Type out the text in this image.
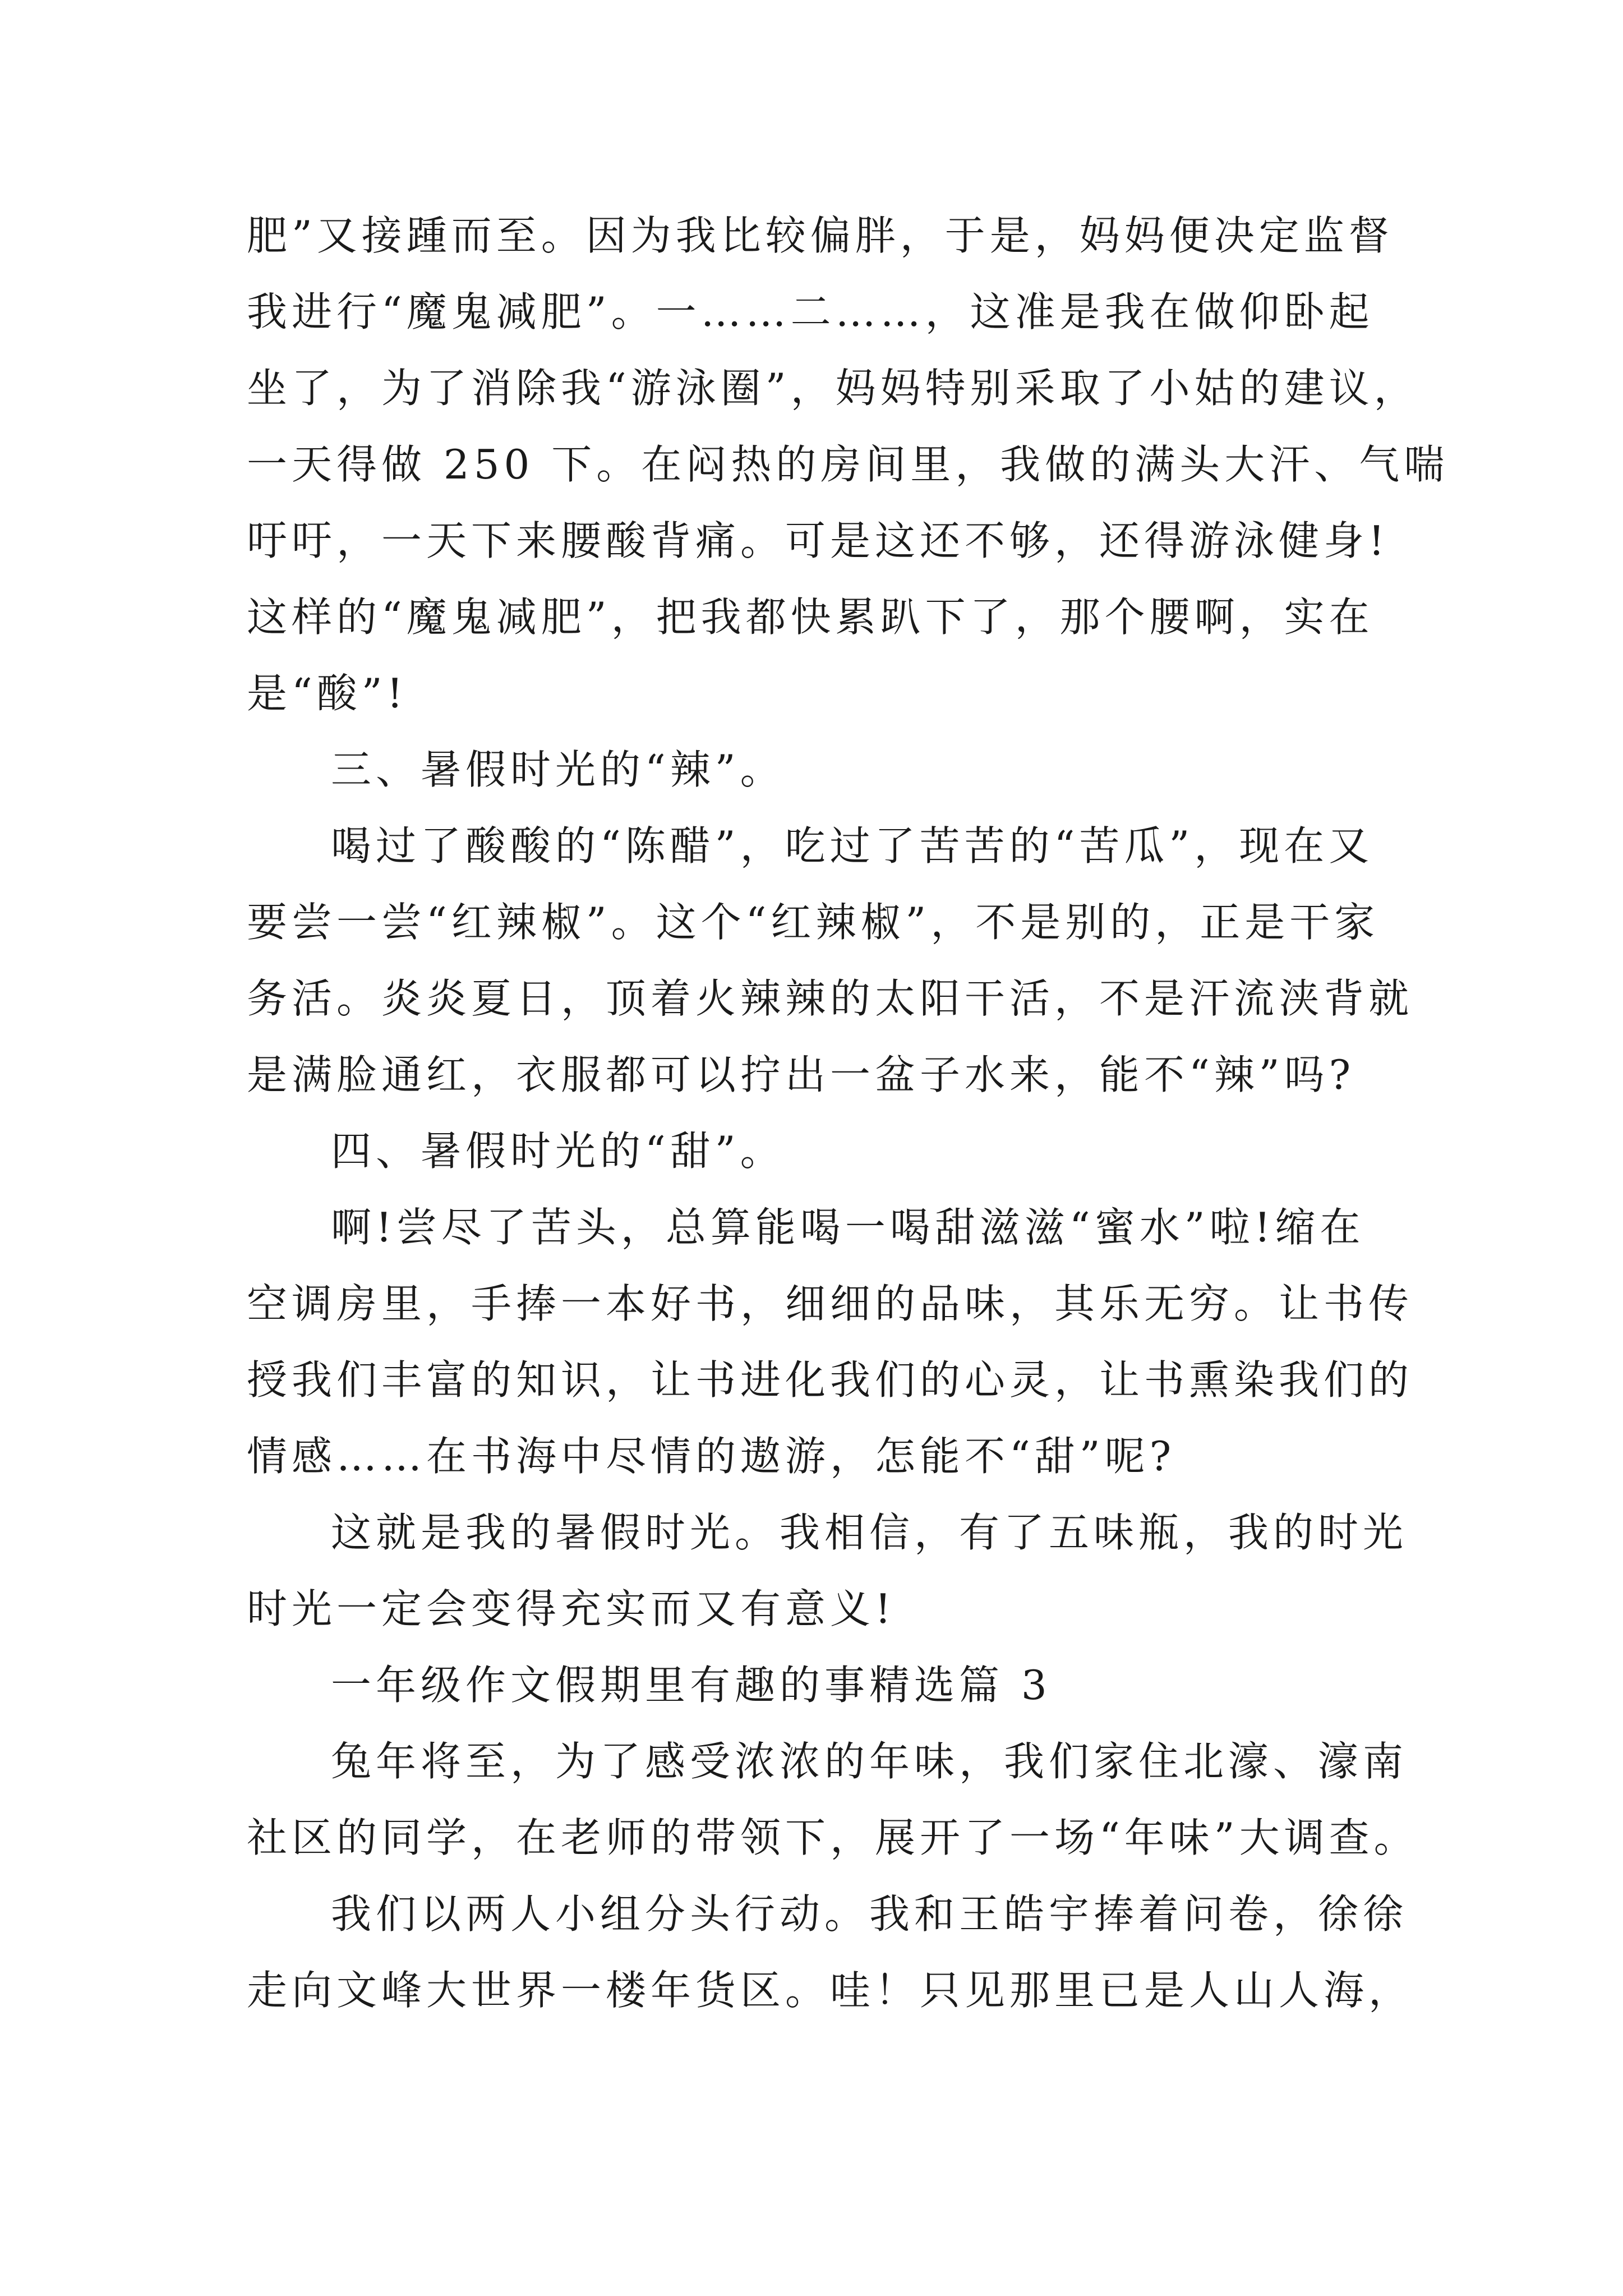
肥”又接踵而至。因为我比较偏胖，于是，妈妈便决定监督

我进行“魔鬼减肥”。一……二……，这准是我在做仰卧起

坐了，为了消除我“游泳圈”，妈妈特别采取了小姑的建议，

一天得做 250 下。在闷热的房间里，我做的满头大汗、气喘

吁吁，一天下来腰酸背痛。可是这还不够，还得游泳健身!

这样的“魔鬼减肥”，把我都快累趴下了，那个腰啊，实在

是“酸”!

三、暑假时光的“辣”。

喝过了酸酸的“陈醋”，吃过了苦苦的“苦瓜”，现在又

要尝一尝“红辣椒”。这个“红辣椒”，不是别的，正是干家

务活。炎炎夏日，顶着火辣辣的太阳干活，不是汗流浃背就

是满脸通红，衣服都可以拧出一盆子水来，能不“辣”吗?

四、暑假时光的“甜”。

啊!尝尽了苦头，总算能喝一喝甜滋滋“蜜水”啦!缩在

空调房里，手捧一本好书，细细的品味，其乐无穷。让书传

授我们丰富的知识，让书进化我们的心灵，让书熏染我们的

情感……在书海中尽情的遨游，怎能不“甜”呢?

这就是我的暑假时光。我相信，有了五味瓶，我的时光

时光一定会变得充实而又有意义!

一年级作文假期里有趣的事精选篇 3

兔年将至，为了感受浓浓的年味，我们家住北濠、濠南

社区的同学，在老师的带领下，展开了一场“年味”大调查。

我们以两人小组分头行动。我和王皓宇捧着问卷，徐徐

走向文峰大世界一楼年货区。哇！只见那里已是人山人海，
